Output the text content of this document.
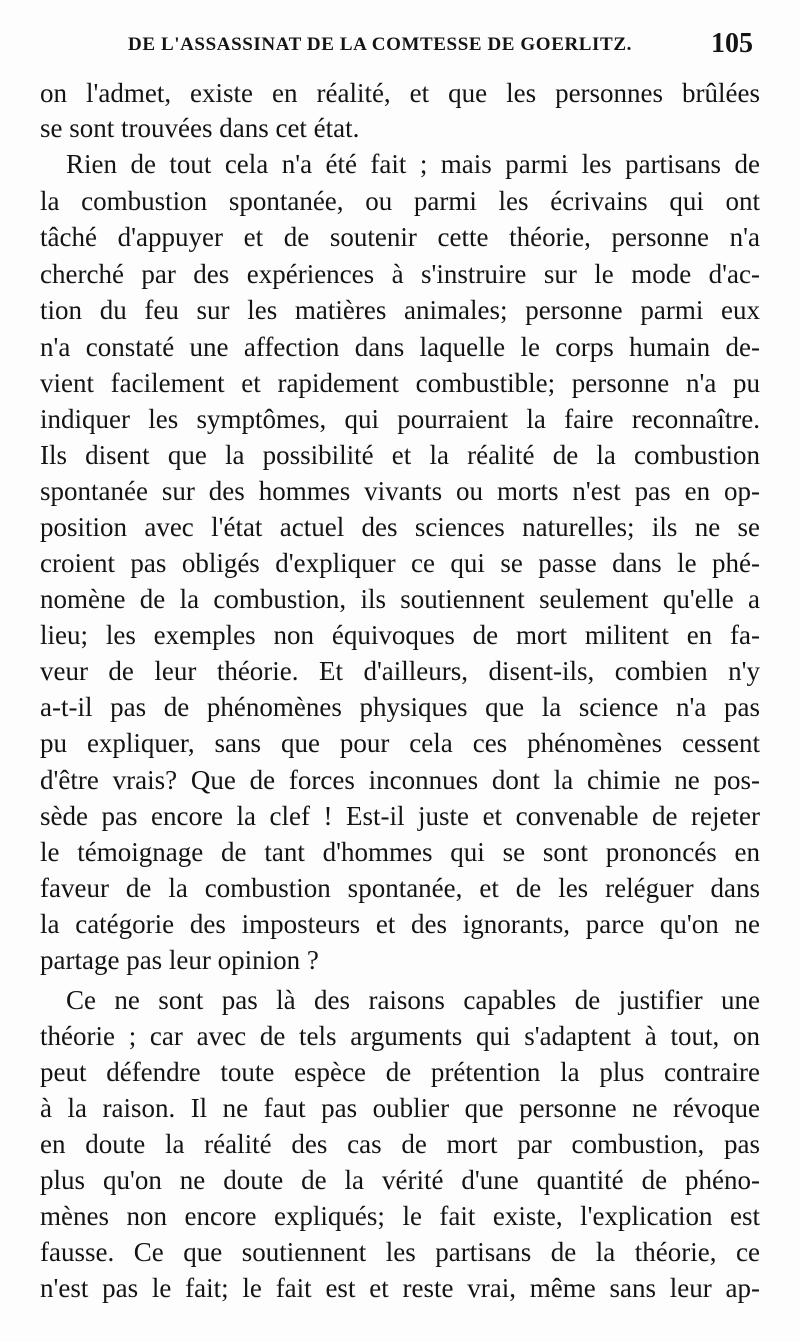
DE L'ASSASSINAT DE LA COMTESSE DE GOERLITZ.	105
on l'admet, existe en réalité, et que les personnes brûlées
se sont trouvées dans cet état.
Rien de tout cela n'a été fait ; mais parmi les partisans de
la combustion spontanée, ou parmi les écrivains qui ont
tâché d'appuyer et de soutenir cette théorie, personne n'a
cherché par des expériences à s'instruire sur le mode d'ac-
tion du feu sur les matières animales; personne parmi eux
n'a constaté une affection dans laquelle le corps humain de-
vient facilement et rapidement combustible; personne n'a pu
indiquer les symptômes, qui pourraient la faire reconnaître.
Ils disent que la possibilité et la réalité de la combustion
spontanée sur des hommes vivants ou morts n'est pas en op-
position avec l'état actuel des sciences naturelles; ils ne se
croient pas obligés d'expliquer ce qui se passe dans le phé-
nomène de la combustion, ils soutiennent seulement qu'elle a
lieu; les exemples non équivoques de mort militent en fa-
veur de leur théorie. Et d'ailleurs, disent-ils, combien n'y
a-t-il pas de phénomènes physiques que la science n'a pas
pu expliquer, sans que pour cela ces phénomènes cessent
d'être vrais? Que de forces inconnues dont la chimie ne pos-
sède pas encore la clef ! Est-il juste et convenable de rejeter
le témoignage de tant d'hommes qui se sont prononcés en
faveur de la combustion spontanée, et de les reléguer dans
la catégorie des imposteurs et des ignorants, parce qu'on ne
partage pas leur opinion ?
Ce ne sont pas là des raisons capables de justifier une
théorie ; car avec de tels arguments qui s'adaptent à tout, on
peut défendre toute espèce de prétention la plus contraire
à la raison. Il ne faut pas oublier que personne ne révoque
en doute la réalité des cas de mort par combustion, pas
plus qu'on ne doute de la vérité d'une quantité de phéno-
mènes non encore expliqués; le fait existe, l'explication est
fausse. Ce que soutiennent les partisans de la théorie, ce
n'est pas le fait; le fait est et reste vrai, même sans leur ap-
